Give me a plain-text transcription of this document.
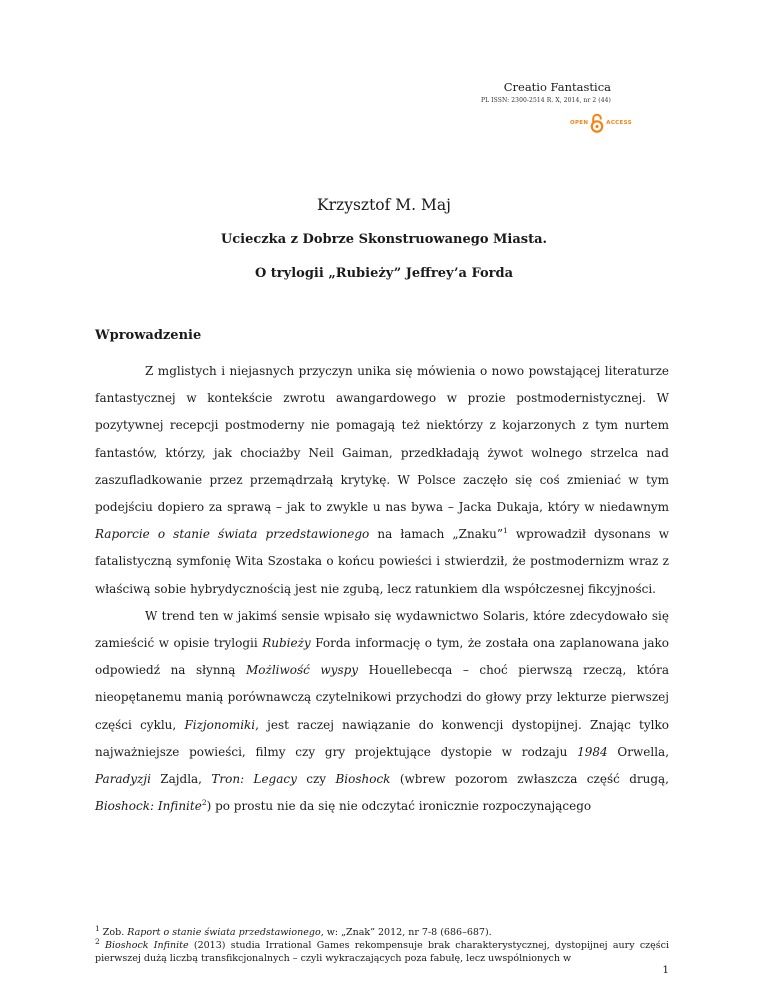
Creatio Fantastica
PL ISSN: 2300-2514 R. X, 2014, nr 2 (44)
OPEN	ACCESS
Krzysztof M. Maj
Ucieczka z Dobrze Skonstruowanego Miasta.
O trylogii „Rubieży” Jeffrey’a Forda
Wprowadzenie

Z mglistych i niejasnych przyczyn unika się mówienia o nowo powstającej literaturze fantastycznej w kontekście zwrotu awangardowego w prozie postmodernistycznej. W pozytywnej recepcji postmoderny nie pomagają też niektórzy z kojarzonych z tym nurtem fantastów, którzy, jak chociażby Neil Gaiman, przedkładają żywot wolnego strzelca nad zaszufladkowanie przez przemądrzałą krytykę. W Polsce zaczęło się coś zmieniać w tym podejściu dopiero za sprawą – jak to zwykle u nas bywa – Jacka Dukaja, który w niedawnym Raporcie o stanie świata przedstawionego na łamach „Znaku”$^1$ wprowadził dysonans w fatalistyczną symfonię Wita Szostaka o końcu powieści i stwierdził, że postmodernizm wraz z właściwą sobie hybrydycznością jest nie zgubą, lecz ratunkiem dla współczesnej fikcyjności.

W trend ten w jakimś sensie wpisało się wydawnictwo Solaris, które zdecydowało się zamieścić w opisie trylogii Rubieży Forda informację o tym, że została ona zaplanowana jako odpowiedź na słynną Możliwość wyspy Houellebecqa – choć pierwszą rzeczą, która nieopętanemu manią porównawczą czytelnikowi przychodzi do głowy przy lekturze pierwszej części cyklu, Fizjonomiki, jest raczej nawiązanie do konwencji dystopijnej. Znając tylko najważniejsze powieści, filmy czy gry projektujące dystopie w rodzaju 1984 Orwella, Paradyzji Zajdla, Tron: Legacy czy Bioshock (wbrew pozorom zwłaszcza część drugą, Bioshock: Infinite$^2$) po prostu nie da się nie odczytać ironicznie rozpoczynającego

$^1$ Zob. Raport o stanie świata przedstawionego, w: „Znak” 2012, nr 7-8 (686–687).

$^2$ Bioshock Infinite (2013) studia Irrational Games rekompensuje brak charakterystycznej, dystopijnej aury części pierwszej dużą liczbą transfikcjonalnych – czyli wykraczających poza fabułę, lecz uwspólnionych w

1
